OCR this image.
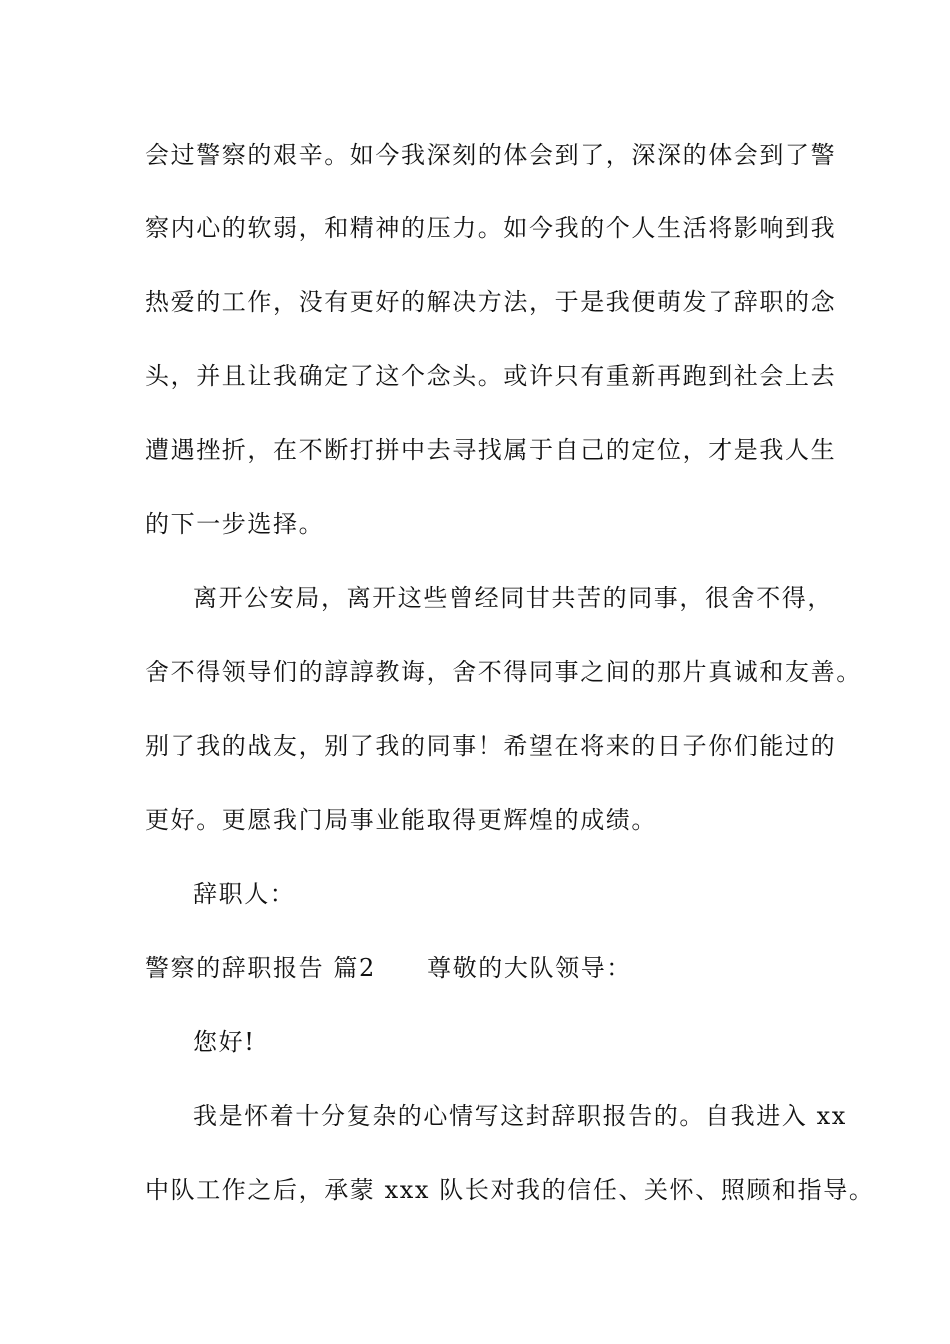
会过警察的艰辛。如今我深刻的体会到了，深深的体会到了警
察内心的软弱，和精神的压力。如今我的个人生活将影响到我
热爱的工作，没有更好的解决方法，于是我便萌发了辞职的念
头，并且让我确定了这个念头。或许只有重新再跑到社会上去
遭遇挫折，在不断打拼中去寻找属于自己的定位，才是我人生
的下一步选择。
离开公安局，离开这些曾经同甘共苦的同事，很舍不得，
舍不得领导们的諄諄教诲，舍不得同事之间的那片真诚和友善。
别了我的战友，别了我的同事！希望在将来的日子你们能过的
更好。更愿我门局事业能取得更辉煌的成绩。
辞职人：
警察的辞职报告 篇2　　尊敬的大队领导：
您好!
我是怀着十分复杂的心情写这封辞职报告的。自我进入 xx
中队工作之后，承蒙 xxx 队长对我的信任、关怀、照顾和指导。
